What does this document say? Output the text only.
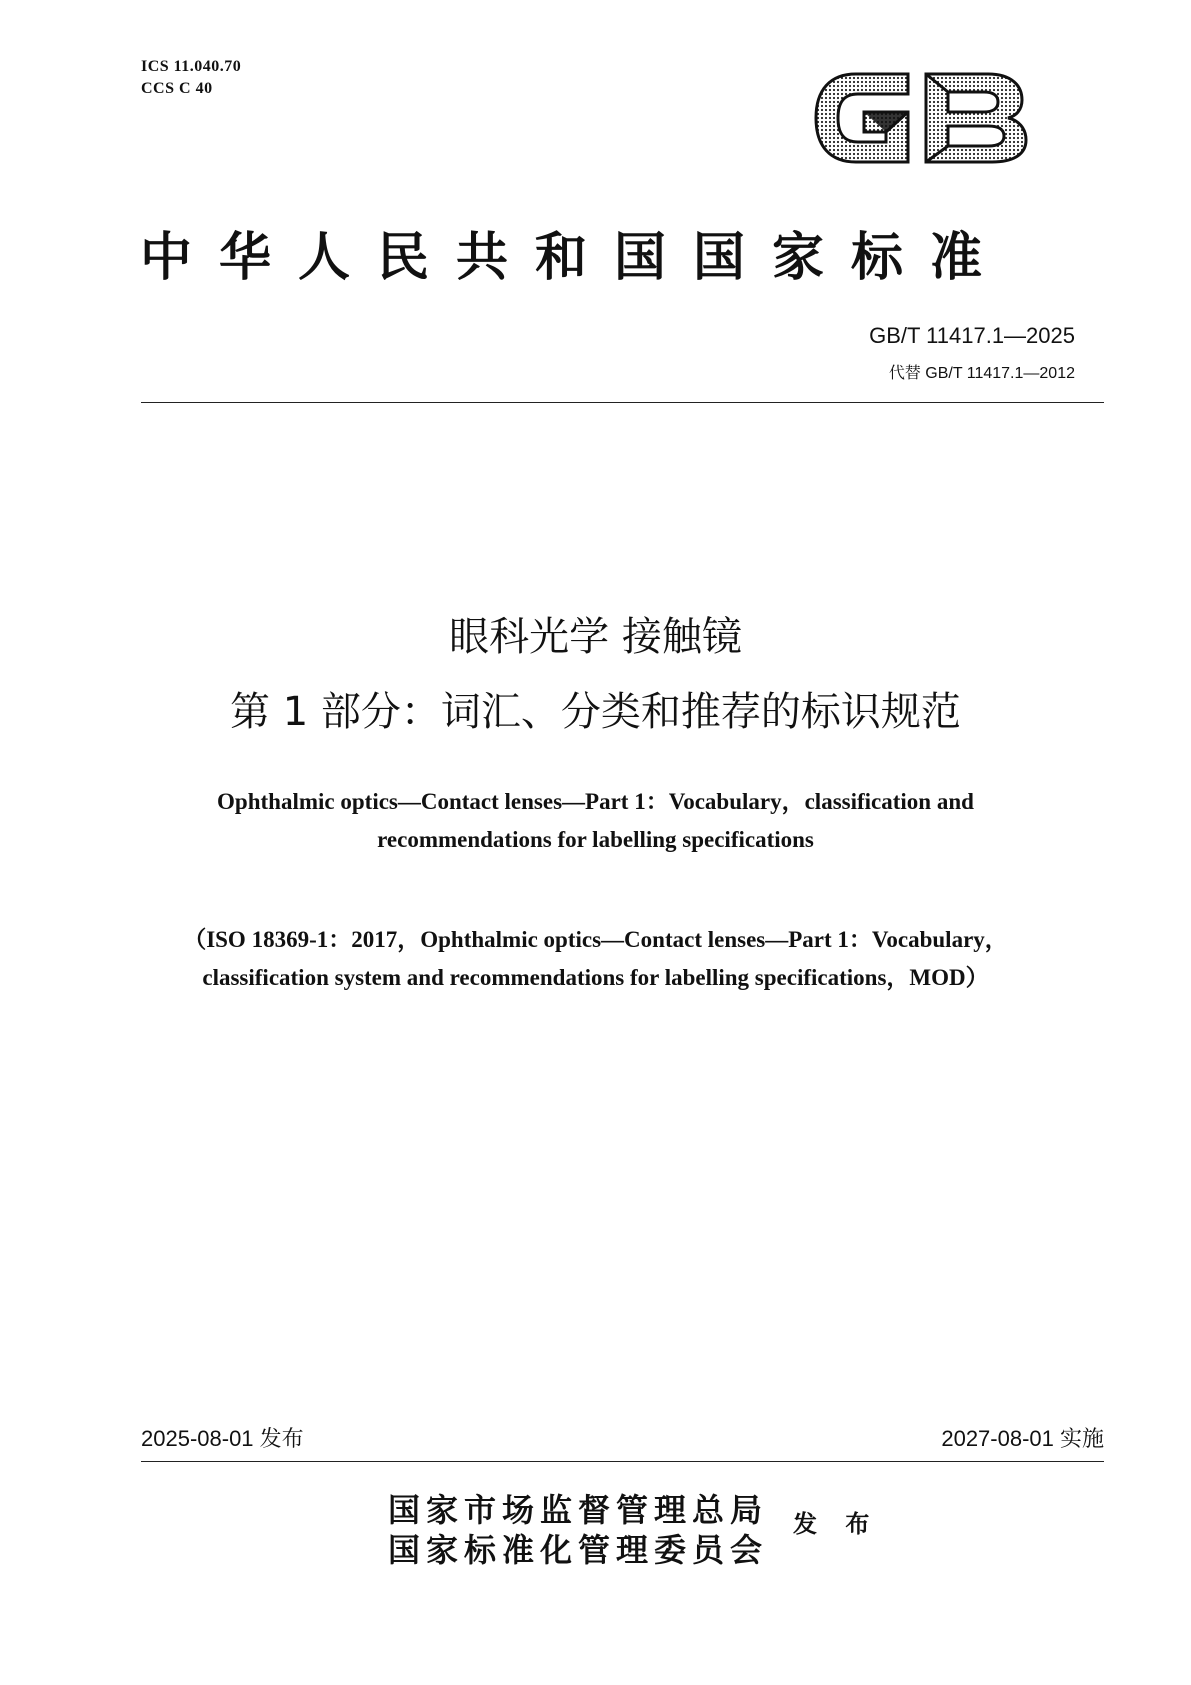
ICS 11.040.70
CCS C 40
中华人民共和国国家标准
GB/T 11417.1—2025
代替 GB/T 11417.1—2012
眼科光学 接触镜
第 1 部分：词汇、分类和推荐的标识规范
Ophthalmic optics—Contact lenses—Part 1：Vocabulary，classification and
recommendations for labelling specifications
（ISO 18369-1：2017，Ophthalmic optics—Contact lenses—Part 1：Vocabulary，
classification system and recommendations for labelling specifications，MOD）
2025-08-01 发布	2027-08-01 实施
国家市场监督管理总局
国家标准化管理委员会
发 布
